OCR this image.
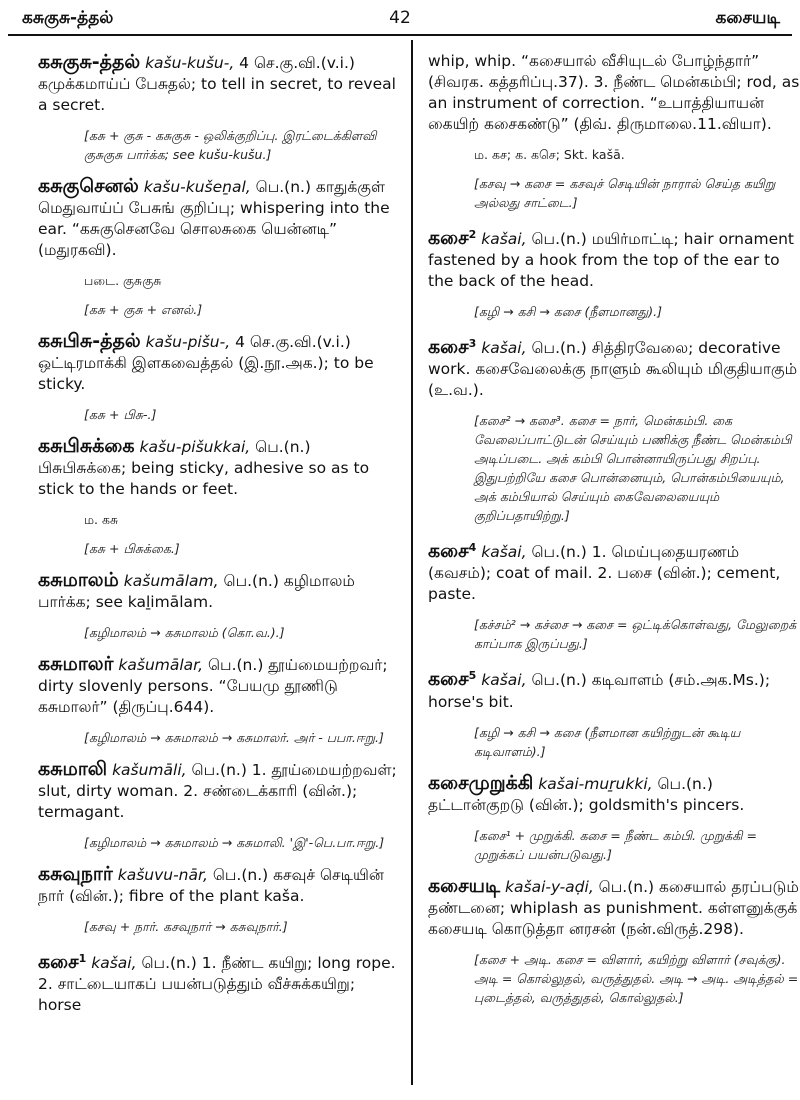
கசுகுசு-த்தல்	42	கசையடி
கசுகுசு-த்தல் kašu-kušu-, 4 செ.கு.வி.(v.i.) கமுக்கமாய்ப் பேசுதல்; to tell in secret, to reveal a secret.
[கசு + குசு - கசுகுசு - ஒலிக்குறிப்பு. இரட்டைக்கிளவி குசுகுசு பார்க்க; see kušu-kušu.]
கசுகுசெனல் kašu-kušeṉal, பெ.(n.) காதுக்குள் மெதுவாய்ப் பேசுங் குறிப்பு; whispering into the ear. “கசுகுசெனவே சொலசுகை யென்னடி” (மதுரகவி).
படை. குசுகுசு
[கசு + குசு + எனல்.]
கசுபிசு-த்தல் kašu-pišu-, 4 செ.கு.வி.(v.i.) ஒட்டிரமாக்கி இளகவைத்தல் (இ.நூ.அக.); to be sticky.
[கசு + பிசு-.]
கசுபிசுக்கை kašu-pišukkai, பெ.(n.) பிசுபிசுக்கை; being sticky, adhesive so as to stick to the hands or feet.
ம. கசு
[கசு + பிசுக்கை.]
கசுமாலம் kašumālam, பெ.(n.) கழிமாலம் பார்க்க; see kaḻimālam.
[கழிமாலம் → கசுமாலம் (கொ.வ.).]
கசுமாலர் kašumālar, பெ.(n.) தூய்மையற்றவர்; dirty slovenly persons. “பேயமு தூணிடு கசுமாலர்” (திருப்பு.644).
[கழிமாலம் → கசுமாலம் → கசுமாலர். அர் - பபா.ஈறு.]
கசுமாலி kašumāli, பெ.(n.) 1. தூய்மையற்றவள்; slut, dirty woman. 2. சண்டைக்காரி (வின்.); termagant.
[கழிமாலம் → கசுமாலம் → கசுமாலி. 'இ'-பெ.பா.ஈறு.]
கசுவுநார் kašuvu-nār, பெ.(n.) கசவுச் செடியின் நார் (வின்.); fibre of the plant kaša.
[கசவு + நார். கசவுநார் → கசுவுநார்.]
கசை$^1$ kašai, பெ.(n.) 1. நீண்ட கயிறு; long rope. 2. சாட்டையாகப் பயன்படுத்தும் வீச்சுக்கயிறு; horse
whip, whip. “கசையால் வீசியுடல் போழ்ந்தார்” (சிவரக. கத்தரிப்பு.37). 3. நீண்ட மென்கம்பி; rod, as an instrument of correction. “உபாத்தியாயன் கையிற் கசைகண்டு” (திவ். திருமாலை.11.வியா).
ம. கச; க. கசெ; Skt. kašā.
[கசவு → கசை = கசவுச் செடியின் நாரால் செய்த கயிறு அல்லது சாட்டை.]
கசை$^2$ kašai, பெ.(n.) மயிர்மாட்டி; hair ornament fastened by a hook from the top of the ear to the back of the head.
[கழி → கசி → கசை (நீளமானது).]
கசை$^3$ kašai, பெ.(n.) சித்திரவேலை; decorative work. கசைவேலைக்கு நாளும் கூலியும் மிகுதியாகும் (உ.வ.).
[கசை² → கசை³. கசை = நார், மென்கம்பி. கை வேலைப்பாட்டுடன் செய்யும் பணிக்கு நீண்ட மென்கம்பி அடிப்படை. அக் கம்பி பொன்னாயிருப்பது சிறப்பு. இதுபற்றியே கசை பொன்னையும், பொன்கம்பியையும், அக் கம்பியால் செய்யும் கைவேலையையும் குறிப்பதாயிற்று.]
கசை$^4$ kašai, பெ.(n.) 1. மெய்புதையரணம் (கவசம்); coat of mail. 2. பசை (வின்.); cement, paste.
[கச்சம்² → கச்சை → கசை = ஒட்டிக்கொள்வது, மேலுறைக் காப்பாக இருப்பது.]
கசை$^5$ kašai, பெ.(n.) கடிவாளம் (சம்.அக.Ms.); horse's bit.
[கழி → கசி → கசை (நீளமான கயிற்றுடன் கூடிய கடிவாளம்).]
கசைமுறுக்கி kašai-muṟukki, பெ.(n.) தட்டான்குறடு (வின்.); goldsmith's pincers.
[கசை¹ + முறுக்கி. கசை = நீண்ட கம்பி. முறுக்கி = முறுக்கப் பயன்படுவது.]
கசையடி kašai-y-aḍi, பெ.(n.) கசையால் தரப்படும் தண்டனை; whiplash as punishment. கள்ளனுக்குக் கசையடி கொடுத்தா னரசன் (நன்.விருத்.298).
[கசை + அடி. கசை = விளார், கயிற்று விளார் (சவுக்கு). அடி = கொல்லுதல், வருத்துதல். அடி → அடி. அடித்தல் = புடைத்தல், வருத்துதல், கொல்லுதல்.]
